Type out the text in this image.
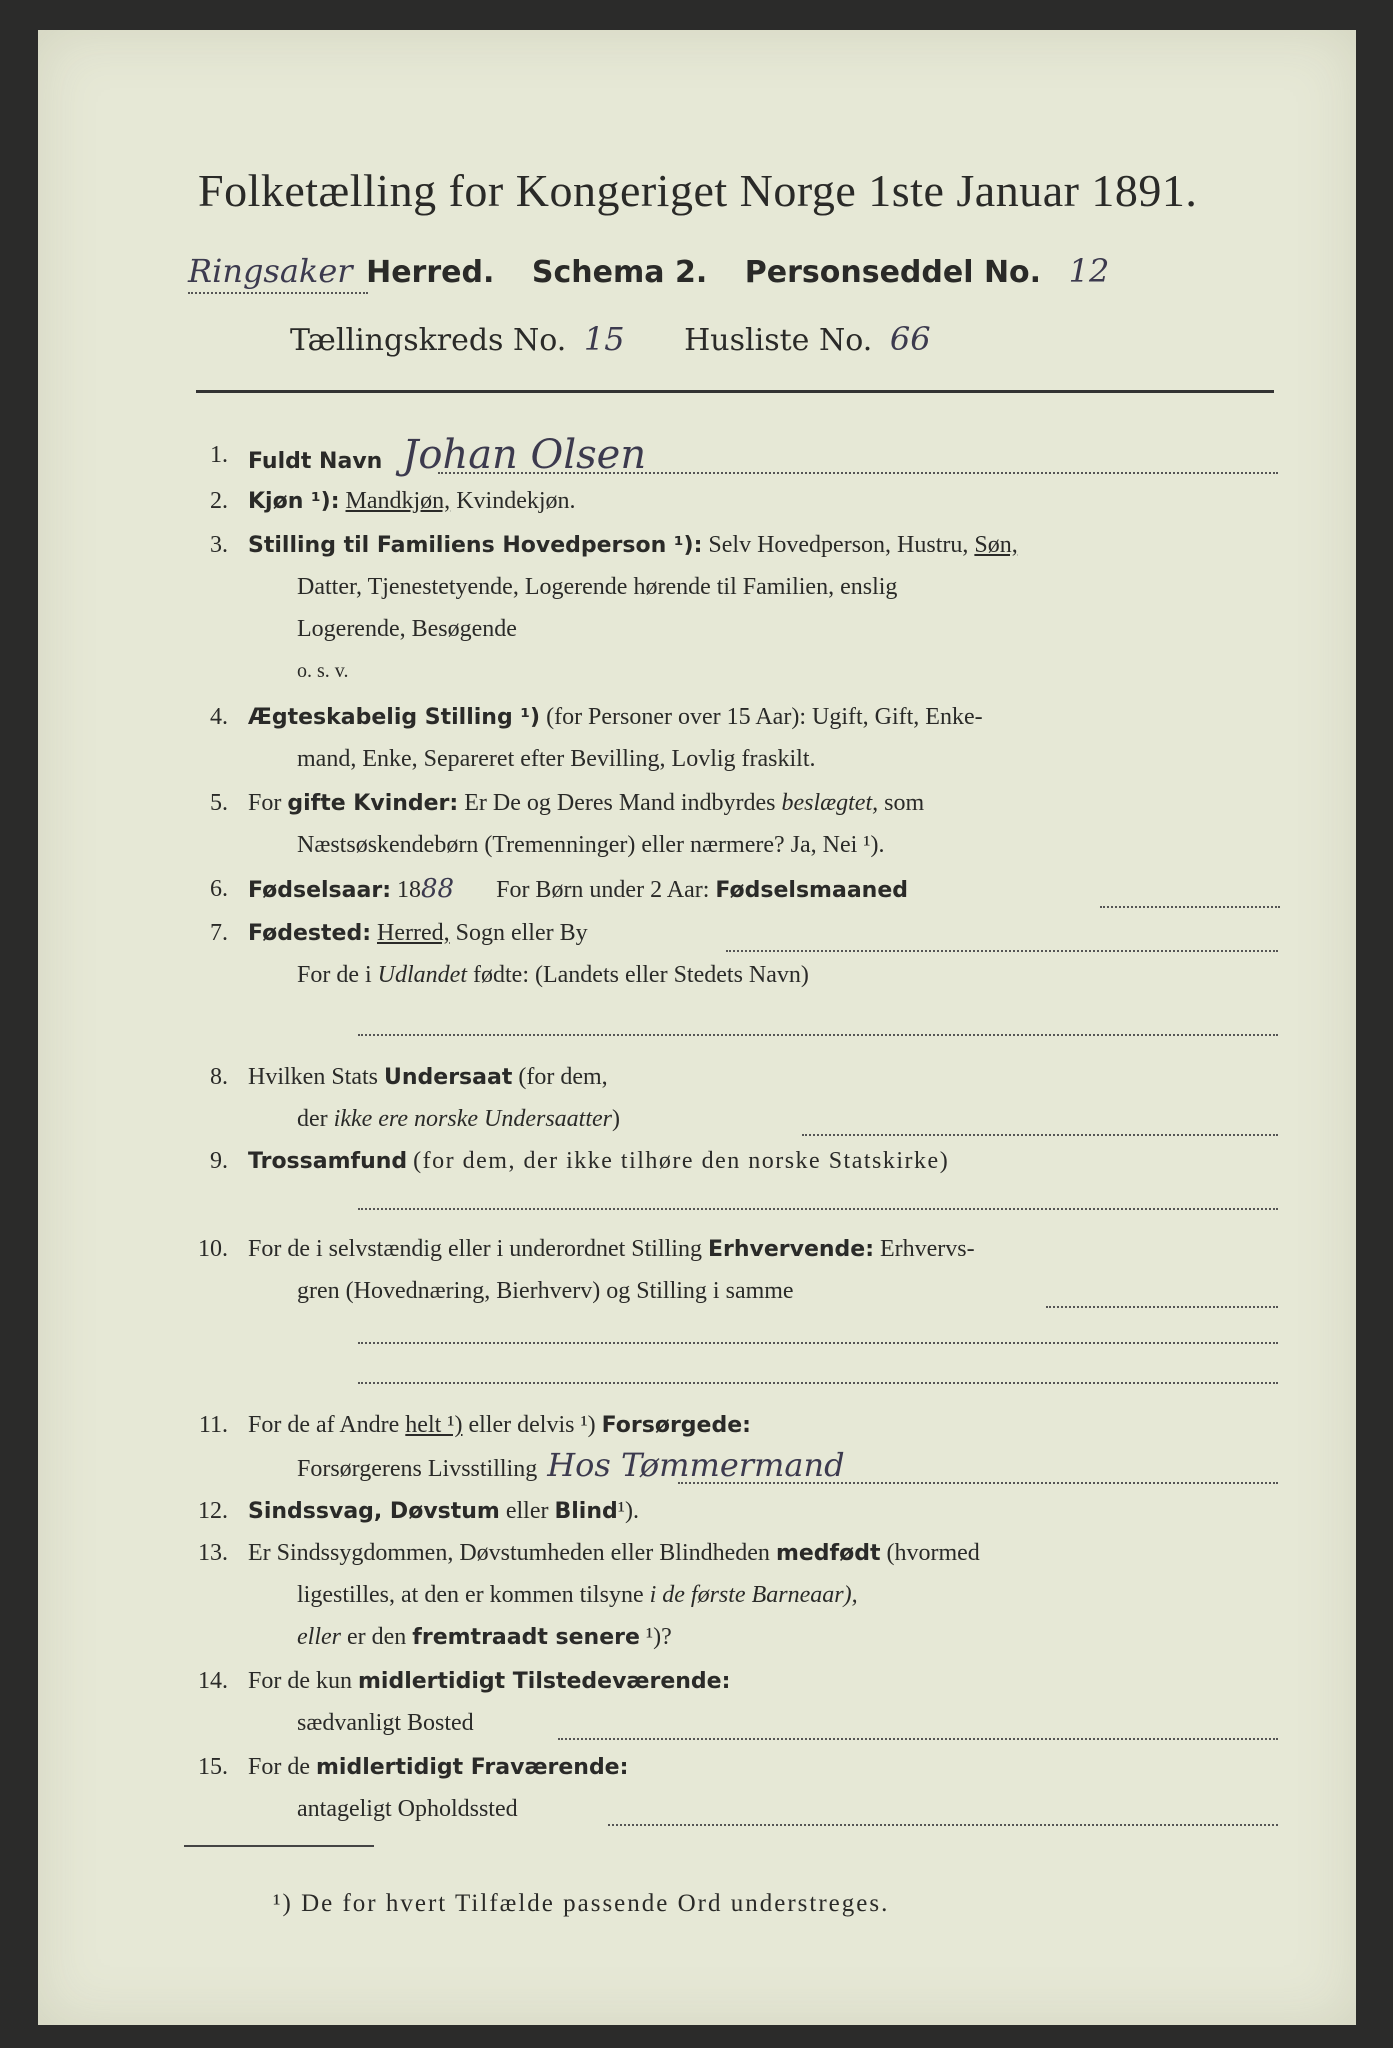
Folketælling for Kongeriget Norge 1ste Januar 1891.
Ringsaker Herred. Schema 2. Personseddel No. 12
Tællingskreds No. 15 Husliste No. 66
1. Fuldt Navn Johan Olsen
2. Kjøn ¹): Mandkjøn, Kvindekjøn.
3. Stilling til Familiens Hovedperson ¹): Selv Hovedperson, Hustru, Søn,
Datter, Tjenestetyende, Logerende hørende til Familien, enslig
Logerende, Besøgende
o. s. v.
4. Ægteskabelig Stilling ¹) (for Personer over 15 Aar): Ugift, Gift, Enke-
mand, Enke, Separeret efter Bevilling, Lovlig fraskilt.
5. For gifte Kvinder: Er De og Deres Mand indbyrdes beslægtet, som
Næstsøskendebørn (Tremenninger) eller nærmere? Ja, Nei ¹).
6. Fødselsaar: 1888 For Børn under 2 Aar: Fødselsmaaned
7. Fødested: Herred, Sogn eller By
For de i Udlandet fødte: (Landets eller Stedets Navn)
8. Hvilken Stats Undersaat (for dem,
der ikke ere norske Undersaatter)
9. Trossamfund (for dem, der ikke tilhøre den norske Statskirke)
10. For de i selvstændig eller i underordnet Stilling Erhvervende: Erhvervs-
gren (Hovednæring, Bierhverv) og Stilling i samme
11. For de af Andre helt ¹) eller delvis ¹) Forsørgede:
Forsørgerens Livsstilling Hos Tømmermand
12. Sindssvag, Døvstum eller Blind¹).
13. Er Sindssygdommen, Døvstumheden eller Blindheden medfødt (hvormed
ligestilles, at den er kommen tilsyne i de første Barneaar),
eller er den fremtraadt senere ¹)?
14. For de kun midlertidigt Tilstedeværende:
sædvanligt Bosted
15. For de midlertidigt Fraværende:
antageligt Opholdssted
¹) De for hvert Tilfælde passende Ord understreges.
